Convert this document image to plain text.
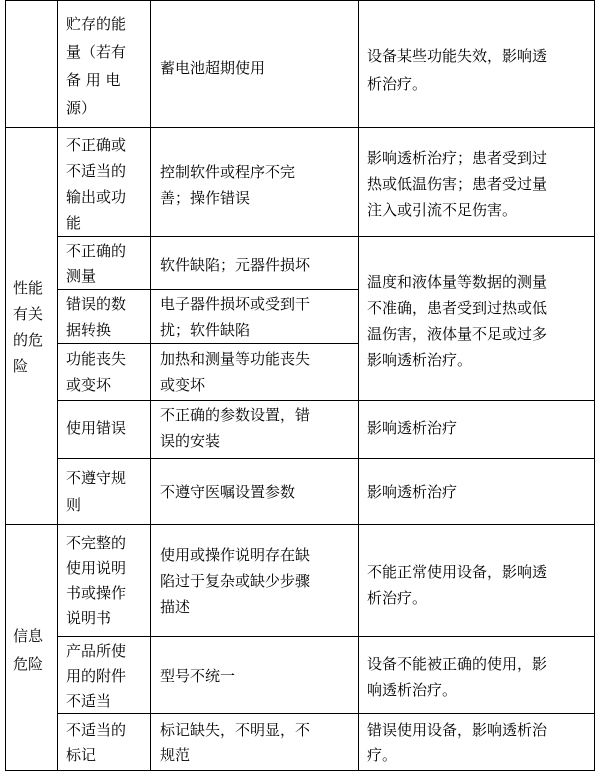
贮存的能
量（若有
备 用 电
源）
蓄电池超期使用
设备某些功能失效，影响透
析治疗。
性能
有关
的危
险
不正确或
不适当的
输出或功
能
控制软件或程序不完
善；操作错误
影响透析治疗；患者受到过
热或低温伤害；患者受过量
注入或引流不足伤害。
不正确的
测量
软件缺陷；元器件损坏
温度和液体量等数据的测量
不准确，患者受到过热或低
温伤害，液体量不足或过多
影响透析治疗。
错误的数
据转换
电子器件损坏或受到干
扰；软件缺陷
功能丧失
或变坏
加热和测量等功能丧失
或变坏
使用错误
不正确的参数设置，错
误的安装
影响透析治疗
不遵守规
则
不遵守医嘱设置参数	影响透析治疗
信息
危险
不完整的
使用说明
书或操作
说明书
使用或操作说明存在缺
陷过于复杂或缺少步骤
描述
不能正常使用设备，影响透
析治疗。
产品所使
用的附件
不适当
型号不统一
设备不能被正确的使用，影
响透析治疗。
不适当的
标记
标记缺失，不明显，不
规范
错误使用设备，影响透析治
疗。
